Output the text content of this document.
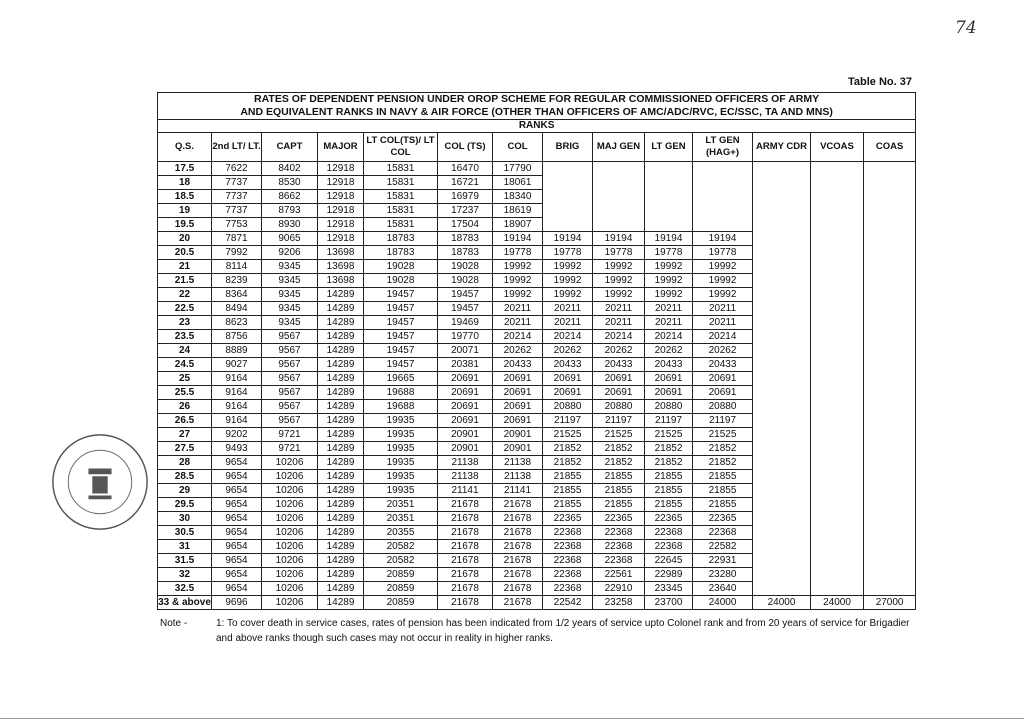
74
Table No. 37
RATES OF DEPENDENT PENSION UNDER OROP SCHEME FOR REGULAR COMMISSIONED OFFICERS OF ARMY													
AND EQUIVALENT RANKS IN NAVY & AIR FORCE (OTHER THAN OFFICERS OF AMC/ADC/RVC, EC/SSC, TA AND MNS)													
RANKS													
Q.S.	2nd LT/ LT.	CAPT	MAJOR	LT COL(TS)/ LT COL	COL (TS)	COL	BRIG	MAJ GEN	LT GEN	LT GEN (HAG+)	ARMY CDR	VCOAS	COAS
17.5	7622	8402	12918	15831	16470	17790							
18	7737	8530	12918	15831	16721	18061							
18.5	7737	8662	12918	15831	16979	18340							
19	7737	8793	12918	15831	17237	18619							
19.5	7753	8930	12918	15831	17504	18907							
20	7871	9065	12918	18783	18783	19194	19194	19194	19194	19194			
20.5	7992	9206	13698	18783	18783	19778	19778	19778	19778	19778			
21	8114	9345	13698	19028	19028	19992	19992	19992	19992	19992			
21.5	8239	9345	13698	19028	19028	19992	19992	19992	19992	19992			
22	8364	9345	14289	19457	19457	19992	19992	19992	19992	19992			
22.5	8494	9345	14289	19457	19457	20211	20211	20211	20211	20211			
23	8623	9345	14289	19457	19469	20211	20211	20211	20211	20211			
23.5	8756	9567	14289	19457	19770	20214	20214	20214	20214	20214			
24	8889	9567	14289	19457	20071	20262	20262	20262	20262	20262			
24.5	9027	9567	14289	19457	20381	20433	20433	20433	20433	20433			
25	9164	9567	14289	19665	20691	20691	20691	20691	20691	20691			
25.5	9164	9567	14289	19688	20691	20691	20691	20691	20691	20691			
26	9164	9567	14289	19688	20691	20691	20880	20880	20880	20880			
26.5	9164	9567	14289	19935	20691	20691	21197	21197	21197	21197			
27	9202	9721	14289	19935	20901	20901	21525	21525	21525	21525			
27.5	9493	9721	14289	19935	20901	20901	21852	21852	21852	21852			
28	9654	10206	14289	19935	21138	21138	21852	21852	21852	21852			
28.5	9654	10206	14289	19935	21138	21138	21855	21855	21855	21855			
29	9654	10206	14289	19935	21141	21141	21855	21855	21855	21855			
29.5	9654	10206	14289	20351	21678	21678	21855	21855	21855	21855			
30	9654	10206	14289	20351	21678	21678	22365	22365	22365	22365			
30.5	9654	10206	14289	20355	21678	21678	22368	22368	22368	22368			
31	9654	10206	14289	20582	21678	21678	22368	22368	22368	22582			
31.5	9654	10206	14289	20582	21678	21678	22368	22368	22645	22931			
32	9654	10206	14289	20859	21678	21678	22368	22561	22989	23280			
32.5	9654	10206	14289	20859	21678	21678	22368	22910	23345	23640			
33 & above	9696	10206	14289	20859	21678	21678	22542	23258	23700	24000	24000	24000	27000
Note -	1: To cover death in service cases, rates of pension has been indicated from 1/2 years of service upto Colonel rank and from 20 years of service for Brigadier and above ranks though such cases may not occur in reality in higher ranks.
